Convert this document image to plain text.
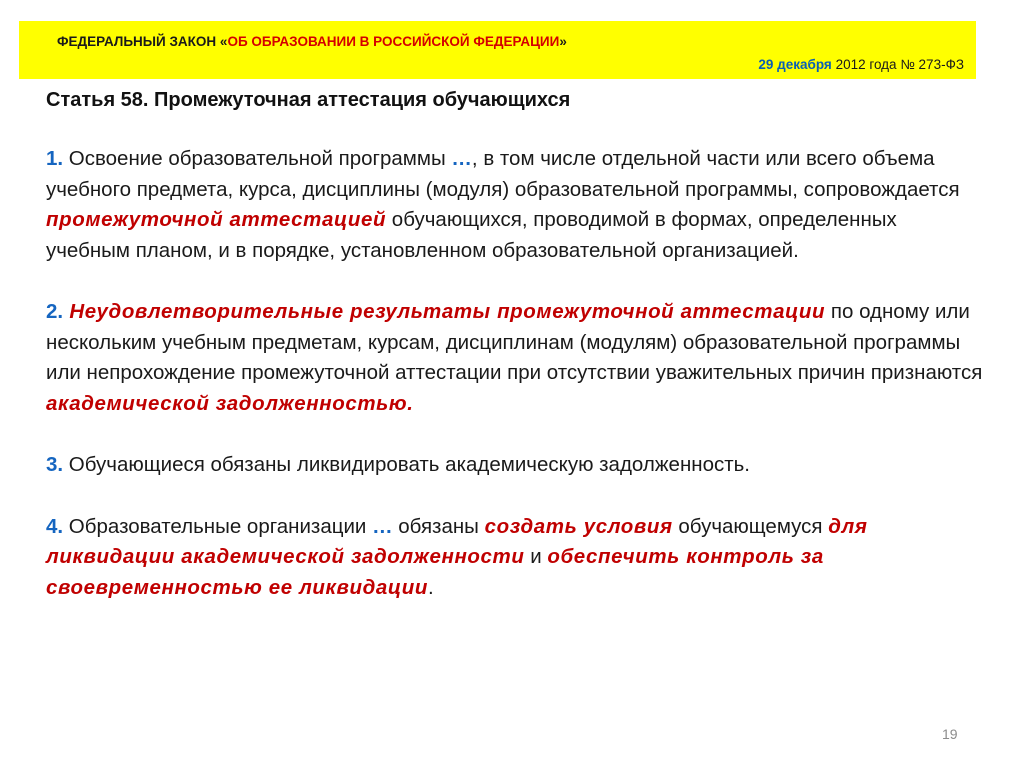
ФЕДЕРАЛЬНЫЙ ЗАКОН «ОБ ОБРАЗОВАНИИ В РОССИЙСКОЙ ФЕДЕРАЦИИ»
29 декабря 2012 года № 273-ФЗ
Статья 58. Промежуточная аттестация обучающихся

1. Освоение образовательной программы …, в том числе отдельной части или всего объема учебного предмета, курса, дисциплины (модуля) образовательной программы, сопровождается промежуточной аттестацией обучающихся, проводимой в формах, определенных учебным планом, и в порядке, установленном образовательной организацией.

2. Неудовлетворительные результаты промежуточной аттестации по одному или нескольким учебным предметам, курсам, дисциплинам (модулям) образовательной программы или непрохождение промежуточной аттестации при отсутствии уважительных причин признаются академической задолженностью.

3. Обучающиеся обязаны ликвидировать академическую задолженность.

4. Образовательные организации … обязаны создать условия обучающемуся для ликвидации академической задолженности и обеспечить контроль за своевременностью ее ликвидации.

19
